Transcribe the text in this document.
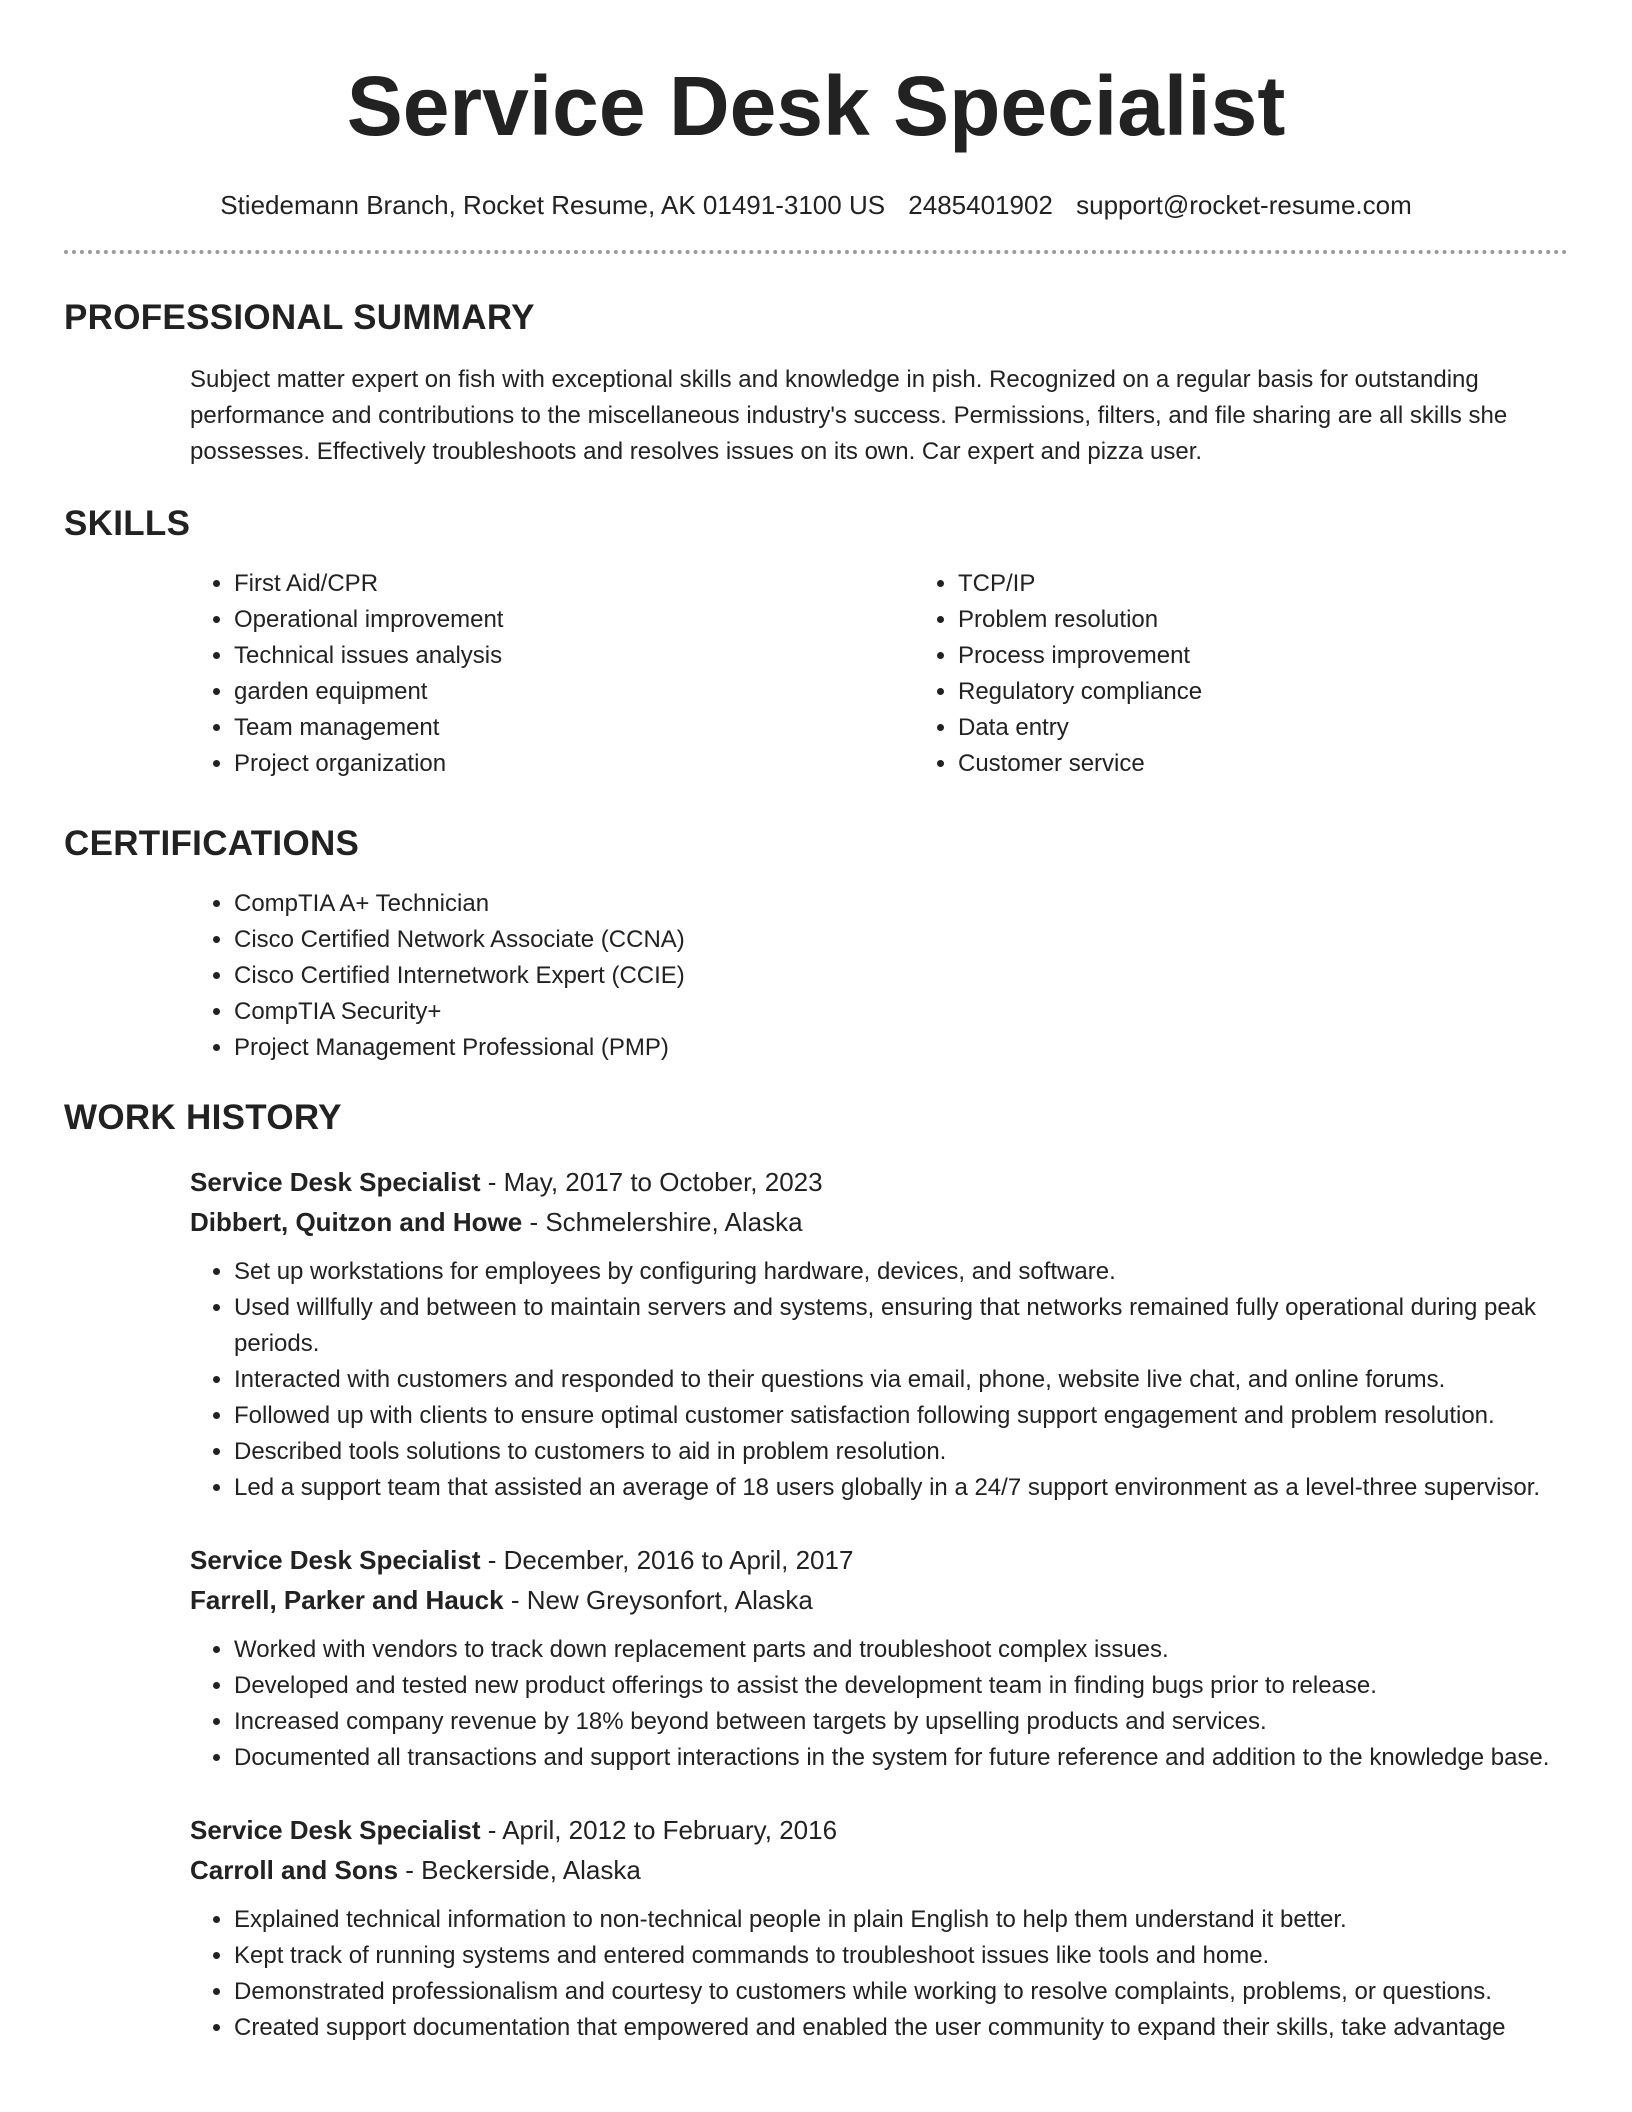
Service Desk Specialist
Stiedemann Branch, Rocket Resume, AK 01491-3100 US 2485401902 support@rocket-resume.com
PROFESSIONAL SUMMARY
Subject matter expert on fish with exceptional skills and knowledge in pish. Recognized on a regular basis for outstanding performance and contributions to the miscellaneous industry's success. Permissions, filters, and file sharing are all skills she possesses. Effectively troubleshoots and resolves issues on its own. Car expert and pizza user.
SKILLS
• First Aid/CPR
• Operational improvement
• Technical issues analysis
• garden equipment
• Team management
• Project organization
• TCP/IP
• Problem resolution
• Process improvement
• Regulatory compliance
• Data entry
• Customer service
CERTIFICATIONS
• CompTIA A+ Technician
• Cisco Certified Network Associate (CCNA)
• Cisco Certified Internetwork Expert (CCIE)
• CompTIA Security+
• Project Management Professional (PMP)
WORK HISTORY
Service Desk Specialist - May, 2017 to October, 2023
Dibbert, Quitzon and Howe - Schmelershire, Alaska
• Set up workstations for employees by configuring hardware, devices, and software.
• Used willfully and between to maintain servers and systems, ensuring that networks remained fully operational during peak periods.
• Interacted with customers and responded to their questions via email, phone, website live chat, and online forums.
• Followed up with clients to ensure optimal customer satisfaction following support engagement and problem resolution.
• Described tools solutions to customers to aid in problem resolution.
• Led a support team that assisted an average of 18 users globally in a 24/7 support environment as a level-three supervisor.
Service Desk Specialist - December, 2016 to April, 2017
Farrell, Parker and Hauck - New Greysonfort, Alaska
• Worked with vendors to track down replacement parts and troubleshoot complex issues.
• Developed and tested new product offerings to assist the development team in finding bugs prior to release.
• Increased company revenue by 18% beyond between targets by upselling products and services.
• Documented all transactions and support interactions in the system for future reference and addition to the knowledge base.
Service Desk Specialist - April, 2012 to February, 2016
Carroll and Sons - Beckerside, Alaska
• Explained technical information to non-technical people in plain English to help them understand it better.
• Kept track of running systems and entered commands to troubleshoot issues like tools and home.
• Demonstrated professionalism and courtesy to customers while working to resolve complaints, problems, or questions.
• Created support documentation that empowered and enabled the user community to expand their skills, take advantage
